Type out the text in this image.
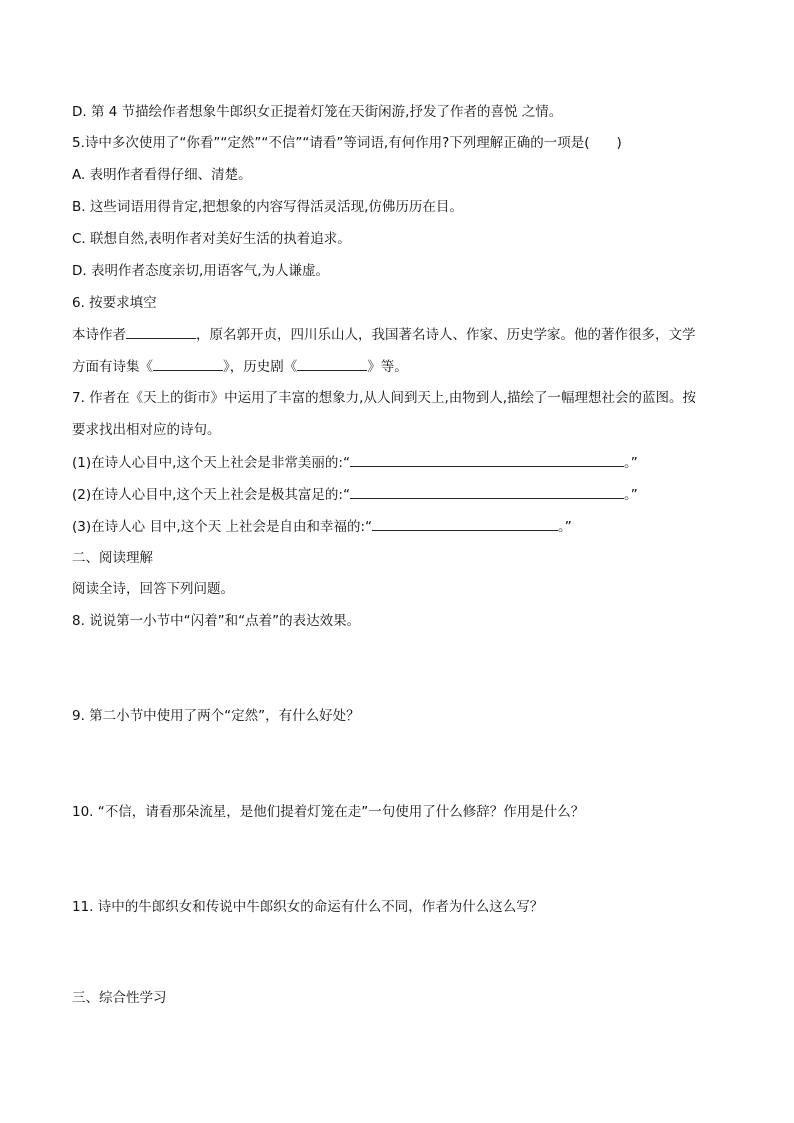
D. 第 4 节描绘作者想象牛郎织女正提着灯笼在天街闲游,抒发了作者的喜悦 之情。
5.诗中多次使用了“你看”“定然”“不信”“请看”等词语,有何作用?下列理解正确的一项是(　　)
A. 表明作者看得仔细、清楚。
B. 这些词语用得肯定,把想象的内容写得活灵活现,仿佛历历在目。
C. 联想自然,表明作者对美好生活的执着追求。
D. 表明作者态度亲切,用语客气,为人谦虚。
6. 按要求填空
本诗作者	，原名郭开贞，四川乐山人，我国著名诗人、作家、历史学家。他的著作很多，文学
方面有诗集《	》，历史剧《	》等。
7. 作者在《天上的街市》中运用了丰富的想象力,从人间到天上,由物到人,描绘了一幅理想社会的蓝图。按
要求找出相对应的诗句。
(1)在诗人心目中,这个天上社会是非常美丽的:“	。”
(2)在诗人心目中,这个天上社会是极其富足的:“	。”
(3)在诗人心 目中,这个天 上社会是自由和幸福的:“	。”
二、阅读理解
阅读全诗，回答下列问题。
8. 说说第一小节中“闪着”和“点着”的表达效果。
9. 第二小节中使用了两个“定然”，有什么好处？
10. “不信，请看那朵流星，是他们提着灯笼在走”一句使用了什么修辞？作用是什么？
11. 诗中的牛郎织女和传说中牛郎织女的命运有什么不同，作者为什么这么写？
三、综合性学习
